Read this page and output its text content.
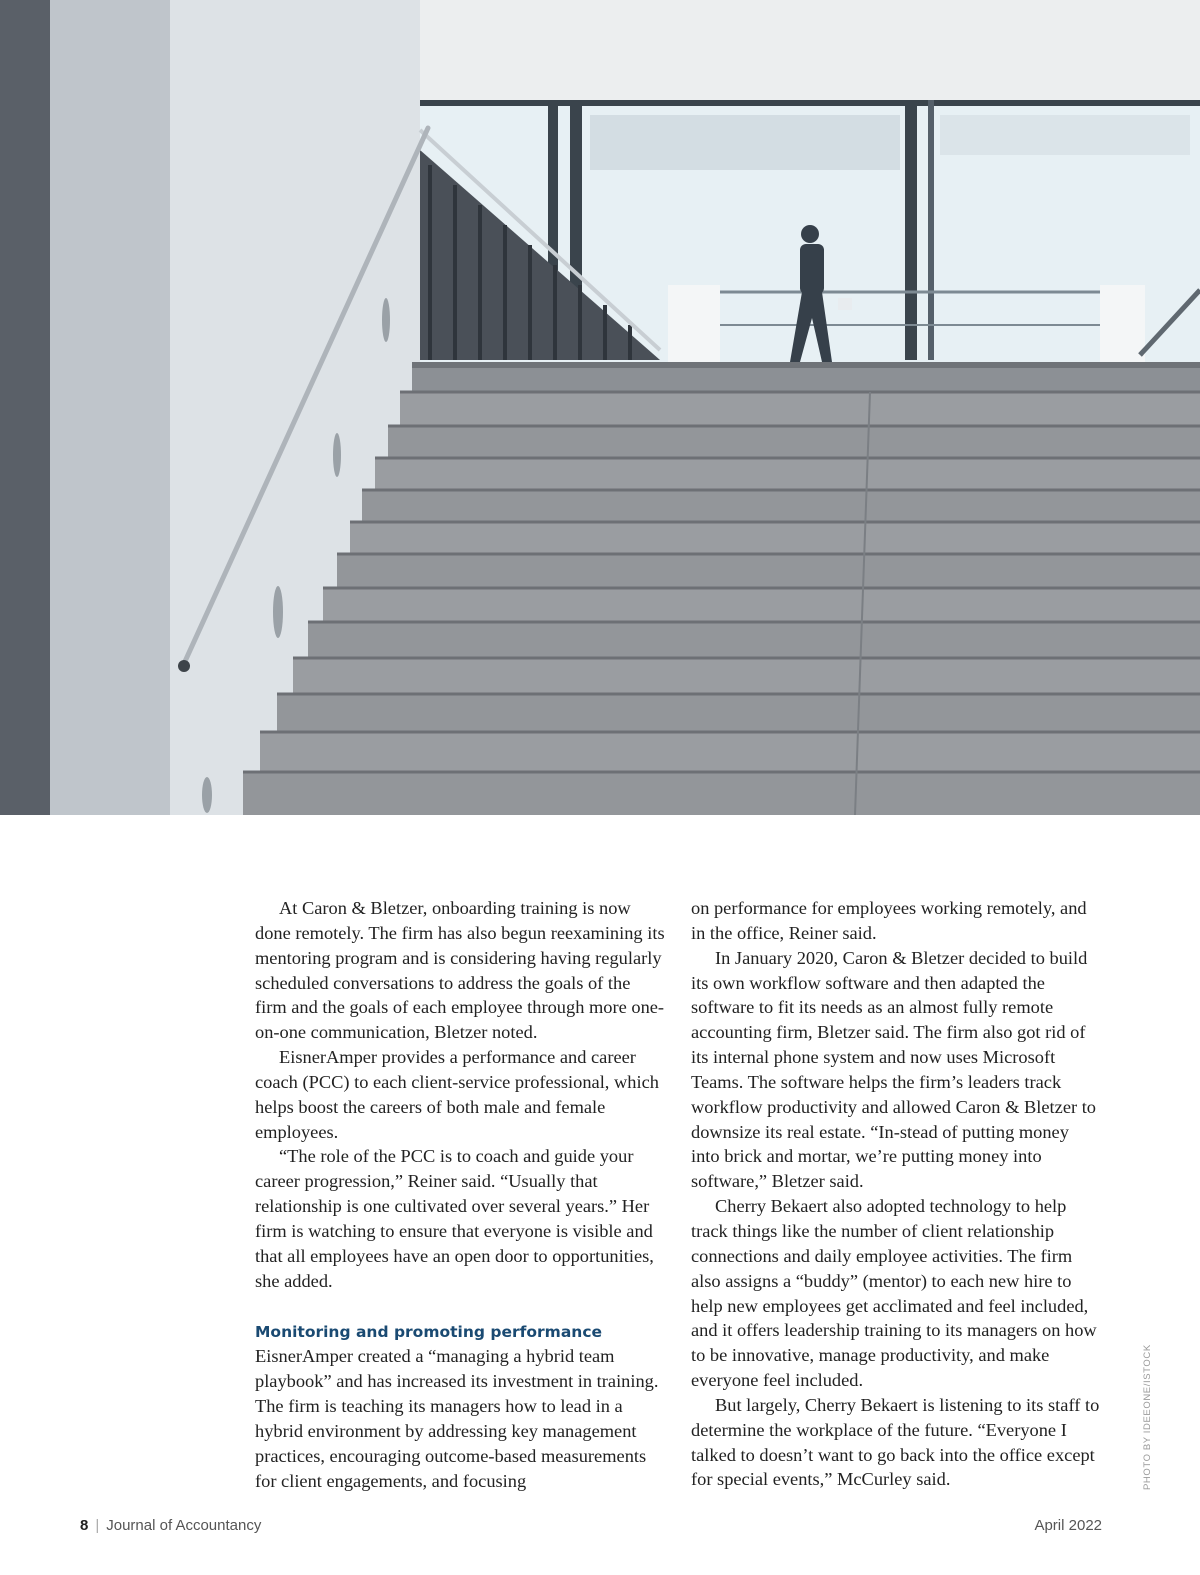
At Caron & Bletzer, onboarding training is now done remotely. The firm has also begun reexamining its mentoring program and is considering having regularly scheduled conversations to address the goals of the firm and the goals of each employee through more one-on-one communication, Bletzer noted.

EisnerAmper provides a performance and career coach (PCC) to each client-service professional, which helps boost the careers of both male and female employees.

“The role of the PCC is to coach and guide your career progression,” Reiner said. “Usually that relationship is one cultivated over several years.” Her firm is watching to ensure that everyone is visible and that all employees have an open door to opportunities, she added.

Monitoring and promoting performance

EisnerAmper created a “managing a hybrid team playbook” and has increased its investment in training. The firm is teaching its managers how to lead in a hybrid environment by addressing key management practices, encouraging outcome-based measurements for client engagements, and focusing

on performance for employees working remotely, and in the office, Reiner said.

In January 2020, Caron & Bletzer decided to build its own workflow software and then adapted the software to fit its needs as an almost fully remote accounting firm, Bletzer said. The firm also got rid of its internal phone system and now uses Microsoft Teams. The software helps the firm’s leaders track workflow productivity and allowed Caron & Bletzer to downsize its real estate. “In-stead of putting money into brick and mortar, we’re putting money into software,” Bletzer said.

Cherry Bekaert also adopted technology to help track things like the number of client relationship connections and daily employee activities. The firm also assigns a “buddy” (mentor) to each new hire to help new employees get acclimated and feel included, and it offers leadership training to its managers on how to be innovative, manage productivity, and make everyone feel included.

But largely, Cherry Bekaert is listening to its staff to determine the workplace of the future. “Everyone I talked to doesn’t want to go back into the office except for special events,” McCurley said.	PHOTO BY IDEEONE/ISTOCK
8 | Journal of Accountancy	April 2022
